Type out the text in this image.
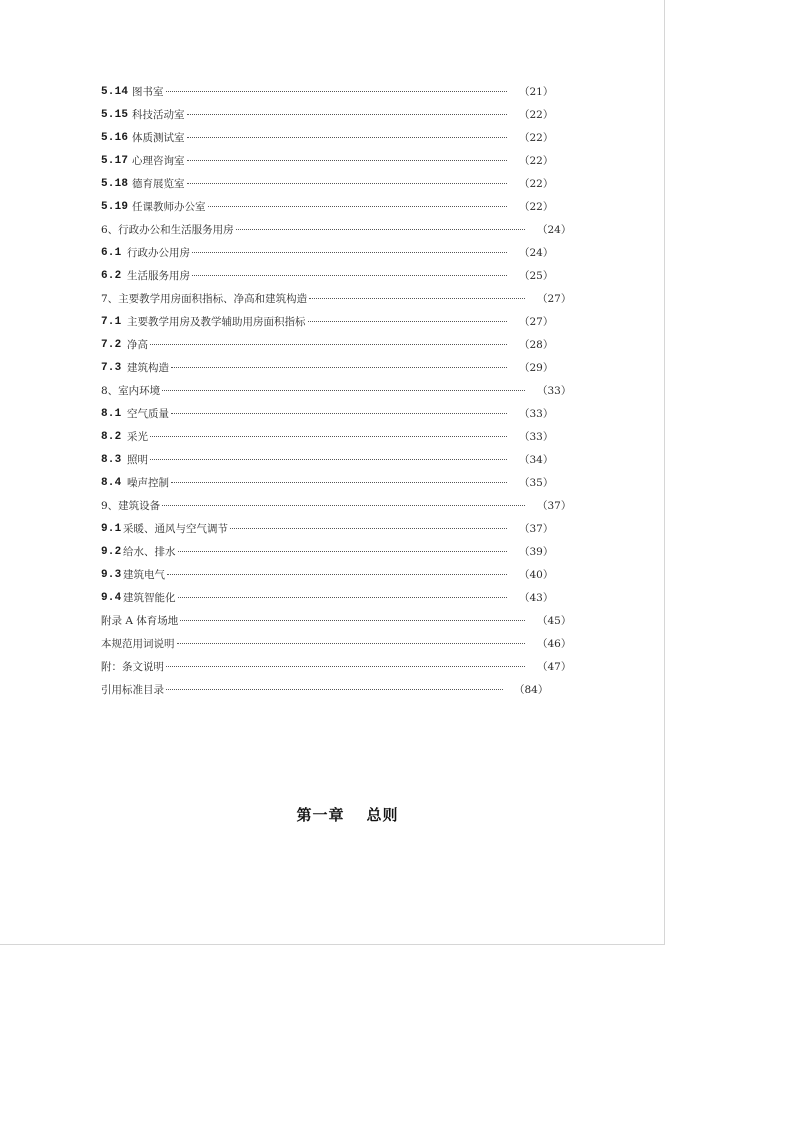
5.14 图书室	（21）
5.15 科技活动室	（22）
5.16 体质测试室	（22）
5.17 心理咨询室	（22）
5.18 德育展览室	（22）
5.19 任课教师办公室	（22）
6、行政办公和生活服务用房	（24）
6.1 行政办公用房	（24）
6.2 生活服务用房	（25）
7、主要教学用房面积指标、净高和建筑构造	（27）
7.1 主要教学用房及教学辅助用房面积指标	（27）
7.2 净高	（28）
7.3 建筑构造	（29）
8、室内环境	（33）
8.1 空气质量	（33）
8.2 采光	（33）
8.3 照明	（34）
8.4 噪声控制	（35）
9、建筑设备	（37）
9.1 采暖、通风与空气调节	（37）
9.2 给水、排水	（39）
9.3 建筑电气	（40）
9.4 建筑智能化	（43）
附录 A 体育场地	（45）
本规范用词说明	（46）
附：条文说明	（47）
引用标准目录	（84）
第一章 总则
